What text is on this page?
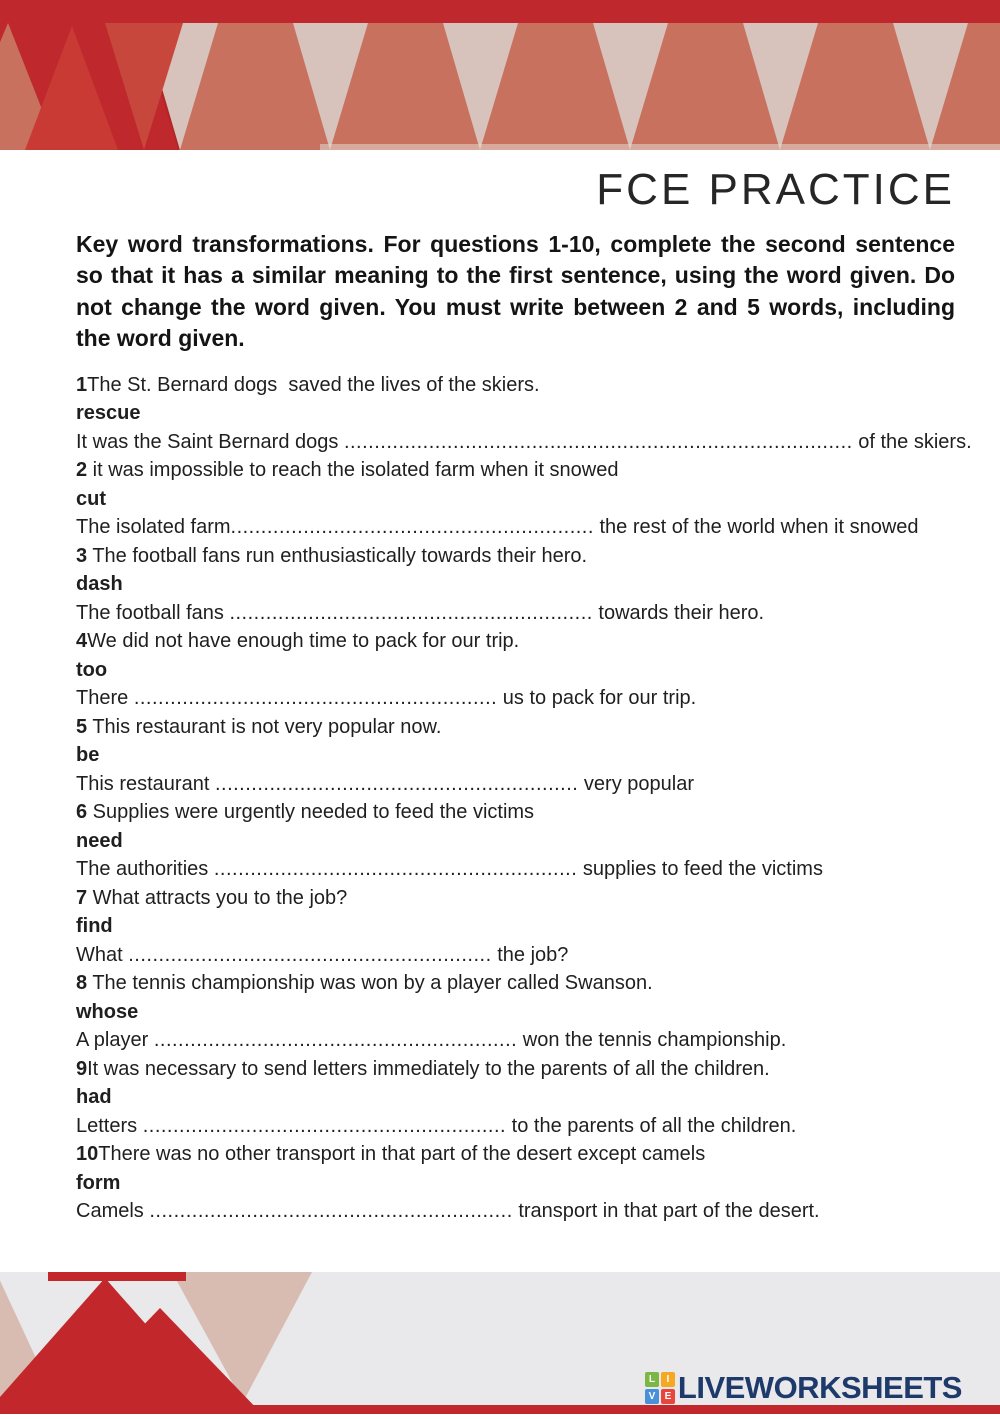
FCE PRACTICE
Key word transformations. For questions 1-10, complete the second sentence so that it has a similar meaning to the first sentence, using the word given. Do not change the word given. You must write between 2 and 5 words, including the word given.
1The St. Bernard dogs  saved the lives of the skiers.
rescue
It was the Saint Bernard dogs .................................................................................... of the skiers.
2 it was impossible to reach the isolated farm when it snowed
cut
The isolated farm............................................................ the rest of the world when it snowed
3 The football fans run enthusiastically towards their hero.
dash
The football fans ............................................................ towards their hero.
4We did not have enough time to pack for our trip.
too
There ............................................................ us to pack for our trip.
5 This restaurant is not very popular now.
be
This restaurant ............................................................ very popular
6 Supplies were urgently needed to feed the victims
need
The authorities ............................................................ supplies to feed the victims
7 What attracts you to the job?
find
What ............................................................ the job?
8 The tennis championship was won by a player called Swanson.
whose
A player ............................................................ won the tennis championship.
9It was necessary to send letters immediately to the parents of all the children.
had
Letters ............................................................ to the parents of all the children.
10There was no other transport in that part of the desert except camels
form
Camels ............................................................ transport in that part of the desert.
L	I
V E LIVEWORKSHEETS
